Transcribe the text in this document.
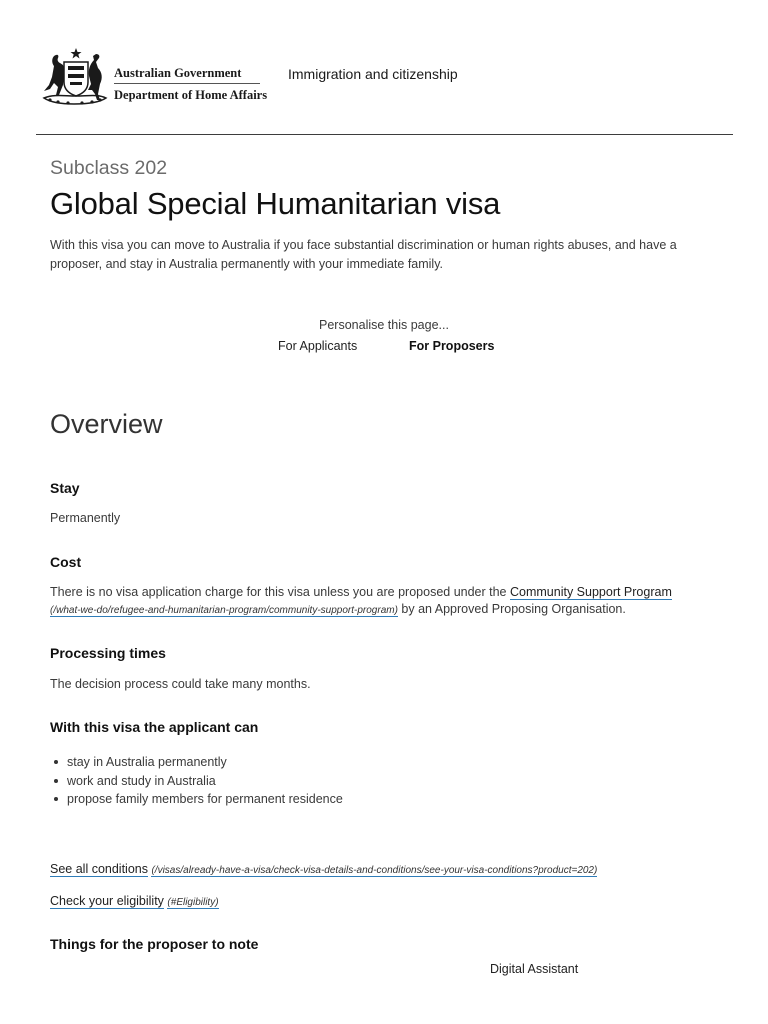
Australian Government
Department of Home Affairs
Immigration and citizenship
Subclass 202
Global Special Humanitarian visa

With this visa you can move to Australia if you face substantial discrimination or human rights abuses, and have a proposer, and stay in Australia permanently with your immediate family.

Personalise this page...
For Applicants	For Proposers
Overview
Stay
Permanently
Cost
There is no visa application charge for this visa unless you are proposed under the Community Support Program
(/what-we-do/refugee-and-humanitarian-program/community-support-program) by an Approved Proposing Organisation.
Processing times
The decision process could take many months.
With this visa the applicant can
stay in Australia permanently
work and study in Australia
propose family members for permanent residence
See all conditions (/visas/already-have-a-visa/check-visa-details-and-conditions/see-your-visa-conditions?product=202)
Check your eligibility (#Eligibility)
Things for the proposer to note
Digital Assistant
